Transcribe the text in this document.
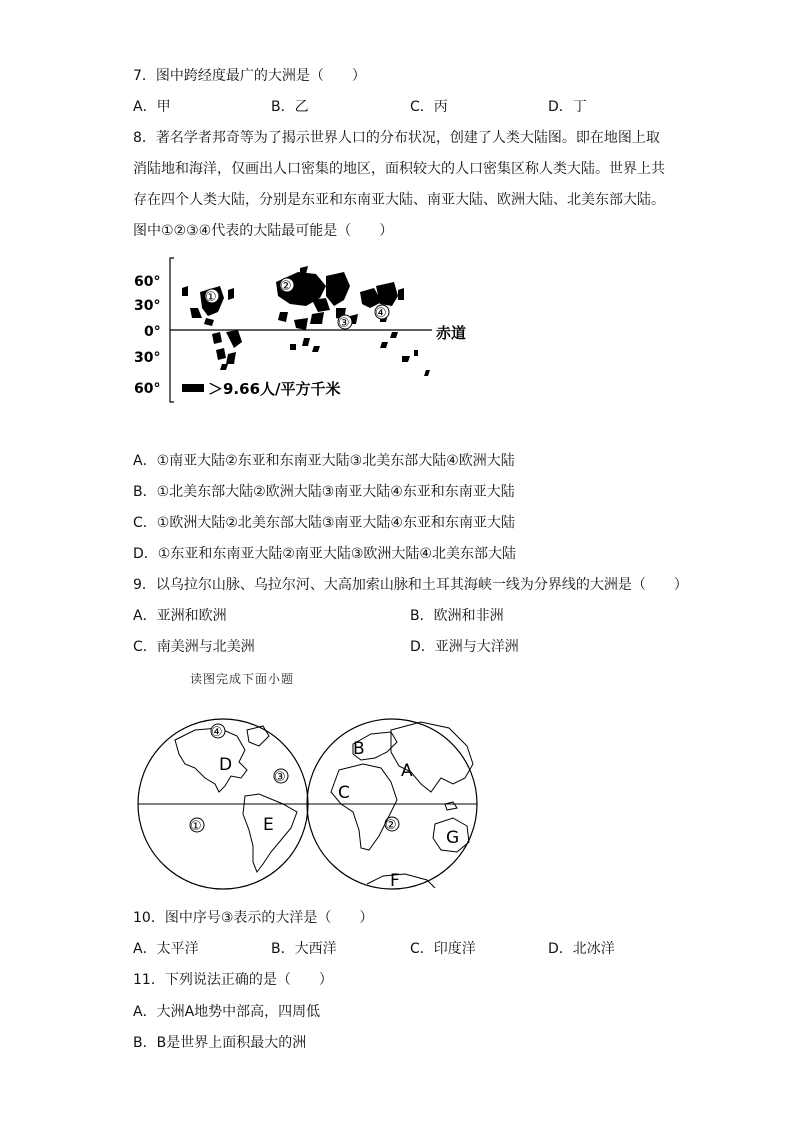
7．图中跨经度最广的大洲是（　　）
A．甲	B．乙	C．丙	D．丁
8．著名学者邦奇等为了揭示世界人口的分布状况，创建了人类大陆图。即在地图上取
消陆地和海洋，仅画出人口密集的地区，面积较大的人口密集区称人类大陆。世界上共
存在四个人类大陆，分别是东亚和东南亚大陆、南亚大陆、欧洲大陆、北美东部大陆。
图中①②③④代表的大陆最可能是（　　）
60°
30°
0°
30°
60°
赤道
①
②
③
④
＞9.66人/平方千米
A．①南亚大陆②东亚和东南亚大陆③北美东部大陆④欧洲大陆
B．①北美东部大陆②欧洲大陆③南亚大陆④东亚和东南亚大陆
C．①欧洲大陆②北美东部大陆③南亚大陆④东亚和东南亚大陆
D．①东亚和东南亚大陆②南亚大陆③欧洲大陆④北美东部大陆
9．以乌拉尔山脉、乌拉尔河、大高加索山脉和土耳其海峡一线为分界线的大洲是（　　）
A．亚洲和欧洲	B．欧洲和非洲
C．南美洲与北美洲	D．亚洲与大洋洲
读图完成下面小题
④
D
③
①	E
B
A
C
②
G
F
10．图中序号③表示的大洋是（　　）
A．太平洋	B．大西洋	C．印度洋	D．北冰洋
11．下列说法正确的是（　　）
A．大洲A地势中部高，四周低
B．B是世界上面积最大的洲
